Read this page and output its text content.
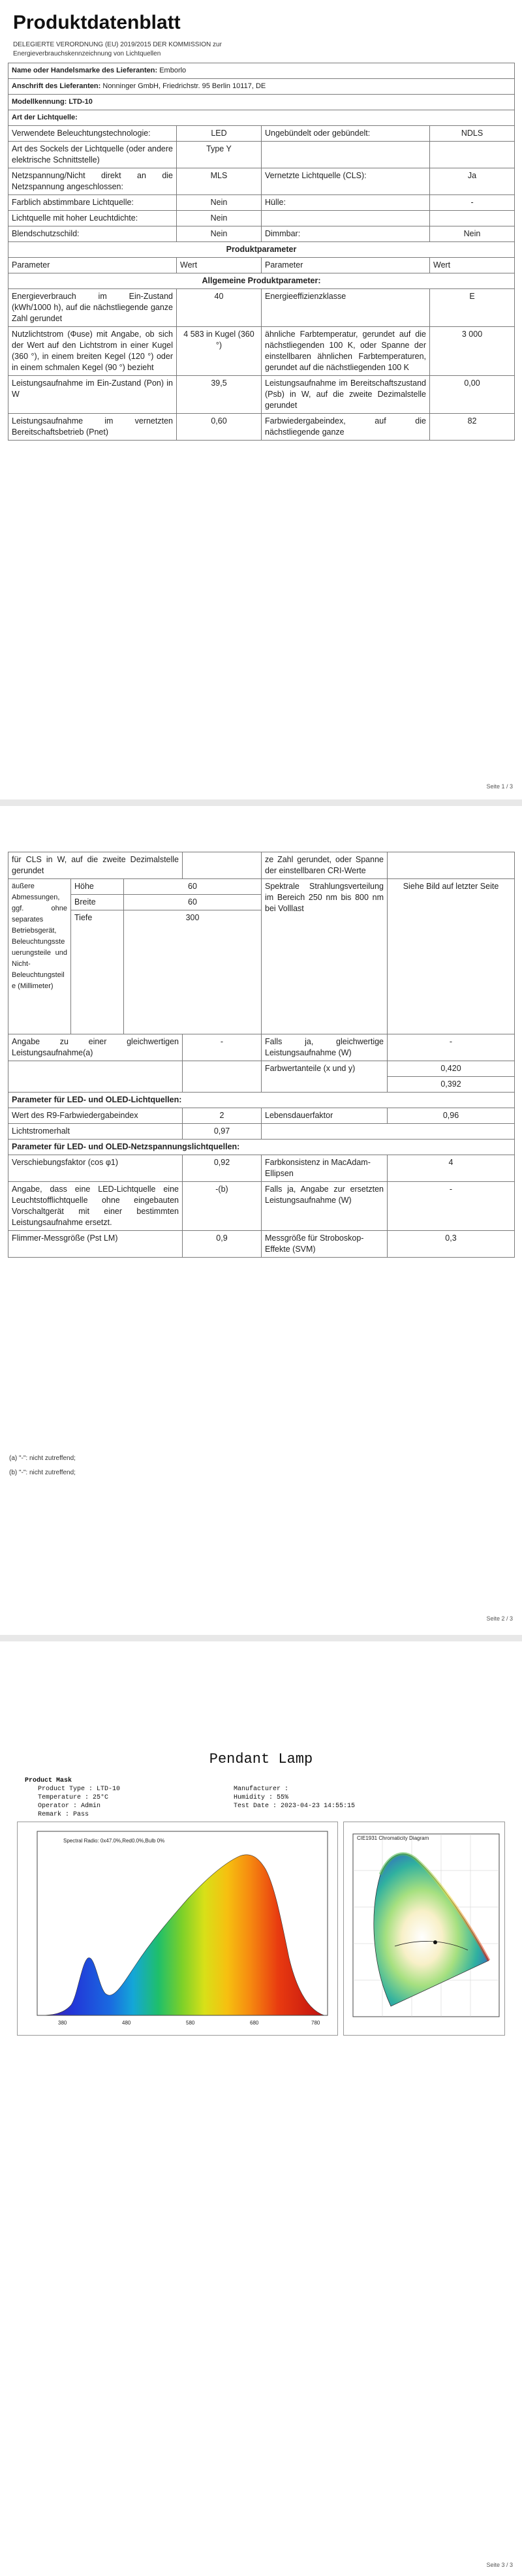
Produktdatenblatt
DELEGIERTE VERORDNUNG (EU) 2019/2015 DER KOMMISSION zur Energieverbrauchskennzeichnung von Lichtquellen
Name oder Handelsmarke des Lieferanten: Emborlo			
Anschrift des Lieferanten: Nonninger GmbH, Friedrichstr. 95 Berlin 10117, DE			
Modellkennung: LTD-10			
Art der Lichtquelle:			
Verwendete Beleuchtungstechnologie:	LED	Ungebündelt oder gebündelt:	NDLS
Art des Sockels der Lichtquelle (oder andere elektrische Schnittstelle)	Type Y		
Netzspannung/Nicht direkt an die Netzspannung angeschlossen:	MLS	Vernetzte Lichtquelle (CLS):	Ja
Farblich abstimmbare Lichtquelle:	Nein	Hülle:	-
Lichtquelle mit hoher Leuchtdichte:	Nein		
Blendschutzschild:	Nein	Dimmbar:	Nein
Produktparameter			
Parameter	Wert	Parameter	Wert
Allgemeine Produktparameter:			
Energieverbrauch im Ein-Zustand (kWh/1000 h), auf die nächstliegende ganze Zahl gerundet	40	Energieeffizienzklasse	E
Nutzlichtstrom (Φuse) mit Angabe, ob sich der Wert auf den Lichtstrom in einer Kugel (360 °), in einem breiten Kegel (120 °) oder in einem schmalen Kegel (90 °) bezieht	4 583 in Kugel (360 °)	ähnliche Farbtemperatur, gerundet auf die nächstliegenden 100 K, oder Spanne der einstellbaren ähnlichen Farbtemperaturen, gerundet auf die nächstliegenden 100 K	3 000
Leistungsaufnahme im Ein-Zustand (Pon) in W	39,5	Leistungsaufnahme im Bereitschaftszustand (Psb) in W, auf die zweite Dezimalstelle gerundet	0,00
Leistungsaufnahme im vernetzten Bereitschaftsbetrieb (Pnet)	0,60	Farbwiedergabeindex, auf die nächstliegende ganze	82
Seite 1 / 3
für CLS in W, auf die zweite Dezimalstelle gerundet				ze Zahl gerundet, oder Spanne der einstellbaren CRI-Werte	
äußere Abmessungen, ggf. ohne separates Betriebsgerät, Beleuchtungssteuerungsteile und Nicht-Beleuchtungsteile (Millimeter)	Höhe	60		Spektrale Strahlungsverteilung im Bereich 250 nm bis 800 nm bei Volllast	Siehe Bild auf letzter Seite
	Breite	60			
	Tiefe	300			
Angabe zu einer gleichwertigen Leistungsaufnahme(a)			-	Falls ja, gleichwertige Leistungsaufnahme (W)	-
				Farbwertanteile (x und y)	0,420
					0,392
Parameter für LED- und OLED-Lichtquellen:					
Wert des R9-Farbwiedergabeindex			2	Lebensdauerfaktor	0,96
Lichtstromerhalt			0,97		
Parameter für LED- und OLED-Netzspannungslichtquellen:					
Verschiebungsfaktor (cos φ1)			0,92	Farbkonsistenz in MacAdam-Ellipsen	4
Angabe, dass eine LED-Lichtquelle eine Leuchtstofflichtquelle ohne eingebauten Vorschaltgerät mit einer bestimmten Leistungsaufnahme ersetzt.			-(b)	Falls ja, Angabe zur ersetzten Leistungsaufnahme (W)	-
Flimmer-Messgröße (Pst LM)			0,9	Messgröße für Stroboskop-Effekte (SVM)	0,3
(a) "-": nicht zutreffend;
(b) "-": nicht zutreffend;
Seite 2 / 3
Pendant Lamp
Product Mask
Product Type : LTD-10	Manufacturer :
Temperature : 25°C	Humidity : 55%
Operator : Admin	Test Date : 2023-04-23 14:55:15
Remark : Pass
380	480	580	680	780
Spectral Radio: 0x47.0%,Red0.0%,Bulb 0%	CIE1931 Chromaticity Diagram
Seite 3 / 3
